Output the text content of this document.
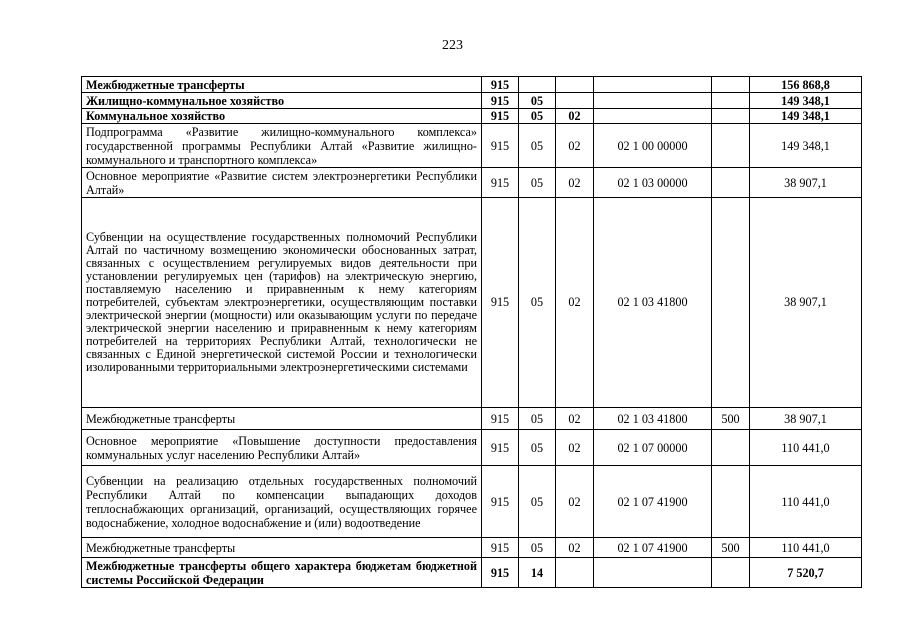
223
Межбюджетные трансферты	915					156 868,8
Жилищно-коммунальное хозяйство	915	05				149 348,1
Коммунальное хозяйство	915	05	02			149 348,1
Подпрограмма «Развитие жилищно-коммунального комплекса» государственной программы Республики Алтай «Развитие жилищно-коммунального и транспортного комплекса»	915	05	02	02 1 00 00000		149 348,1
Основное мероприятие «Развитие систем электроэнергетики Республики Алтай»	915	05	02	02 1 03 00000		38 907,1
Субвенции на осуществление государственных полномочий Республики Алтай по частичному возмещению экономически обоснованных затрат, связанных с осуществлением регулируемых видов деятельности при установлении регулируемых цен (тарифов) на электрическую энергию, поставляемую населению и приравненным к нему категориям потребителей, субъектам электроэнергетики, осуществляющим поставки электрической энергии (мощности) или оказывающим услуги по передаче электрической энергии населению и приравненным к нему категориям потребителей на территориях Республики Алтай, технологически не связанных с Единой энергетической системой России и технологически изолированными территориальными электроэнергетическими системами	915	05	02	02 1 03 41800		38 907,1
Межбюджетные трансферты	915	05	02	02 1 03 41800	500	38 907,1
Основное мероприятие «Повышение доступности предоставления коммунальных услуг населению Республики Алтай»	915	05	02	02 1 07 00000		110 441,0
Субвенции на реализацию отдельных государственных полномочий Республики Алтай по компенсации выпадающих доходов теплоснабжающих организаций, организаций, осуществляющих горячее водоснабжение, холодное водоснабжение и (или) водоотведение	915	05	02	02 1 07 41900		110 441,0
Межбюджетные трансферты	915	05	02	02 1 07 41900	500	110 441,0
Межбюджетные трансферты общего характера бюджетам бюджетной системы Российской Федерации	915	14				7 520,7
